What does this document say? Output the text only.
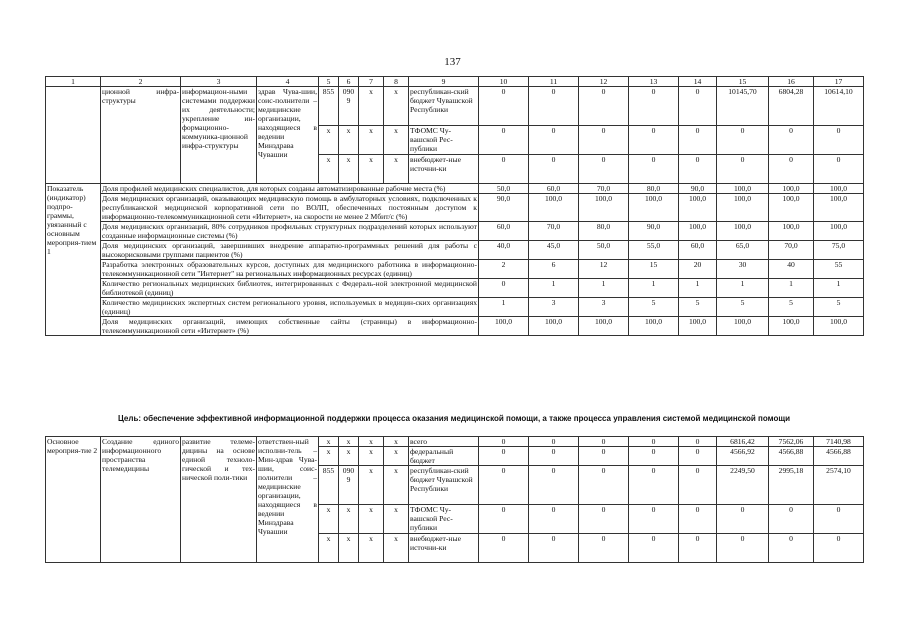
137
1	2	3	4	5	6	7	8	9	10	11	12	13	14	15	16	17
	ционной инфра-структуры	информацион-ными системами поддержки их деятельности; укрепление ин-формационно-коммуника-ционной инфра-структуры	здрав Чува-шии, соис-полнители – медицинские организации, находящиеся в ведении Минздрава Чувашии	855	090 9	x	x	республикан-ский бюджет Чувашской Республики	0	0	0	0	0	10145,70	6804,28	10614,10
				x	x	x	x	ТФОМС Чу-вашской Рес-публики	0	0	0	0	0	0	0	0
				x	x	x	x	внебюджет-ные источни-ки	0	0	0	0	0	0	0	0
Показатель (индикатор) подпро-граммы, увязанный с основным мероприя-тием 1	Доля профилей медицинских специалистов, для которых созданы автоматизированные рабочие места (%)								50,0	60,0	70,0	80,0	90,0	100,0	100,0	100,0
	Доля медицинских организаций, оказывающих медицинскую помощь в амбулаторных условиях, подключенных к республиканской медицинской корпоративной сети по ВОЛП, обеспеченных постоянным доступом к информационно-телекоммуникационной сети «Интернет», на скорости не менее 2 Мбит/с (%)								90,0	100,0	100,0	100,0	100,0	100,0	100,0	100,0
	Доля медицинских организаций, 80% сотрудников профильных структурных подразделений которых используют созданные информационные системы (%)								60,0	70,0	80,0	90,0	100,0	100,0	100,0	100,0
	Доля медицинских организаций, завершивших внедрение аппаратно-программных решений для работы с высокорисковыми группами пациентов (%)								40,0	45,0	50,0	55,0	60,0	65,0	70,0	75,0
	Разработка электронных образовательных курсов, доступных для медицинского работника в информационно-телекоммуникационной сети "Интернет" на региональных информационных ресурсах (единиц)								2	6	12	15	20	30	40	55
	Количество региональных медицинских библиотек, интегрированных с Федераль-ной электронной медицинской библиотекой (единиц)								0	1	1	1	1	1	1	1
	Количество медицинских экспертных систем регионального уровня, используемых в медицин-ских организациях (единиц)								1	3	3	5	5	5	5	5
	Доля медицинских организаций, имеющих собственные сайты (страницы) в информационно-телекоммуникационной сети «Интернет» (%)								100,0	100,0	100,0	100,0	100,0	100,0	100,0	100,0
Цель: обеспечение эффективной информационной поддержки процесса оказания медицинской помощи, а также процесса управления системой медицинской помощи
Основное мероприя-тие 2	Создание единого информационного пространства телемедицины	развитие телеме-дицины на основе единой техноло-гической и тех-нической поли-тики	ответствен-ный исполни-тель – Мин-здрав Чува-шии, соис-полнители – медицинские организации, находящиеся в ведении Минздрава Чувашии	x	x	x	x	всего	0	0	0	0	0	6816,42	7562,06	7140,98
				x	x	x	x	федеральный бюджет	0	0	0	0	0	4566,92	4566,88	4566,88
				855	090 9	x	x	республикан-ский бюджет Чувашской Республики	0	0	0	0	0	2249,50	2995,18	2574,10
				x	x	x	x	ТФОМС Чу-вашской Рес-публики	0	0	0	0	0	0	0	0
				x	x	x	x	внебюджет-ные источни-ки	0	0	0	0	0	0	0	0
